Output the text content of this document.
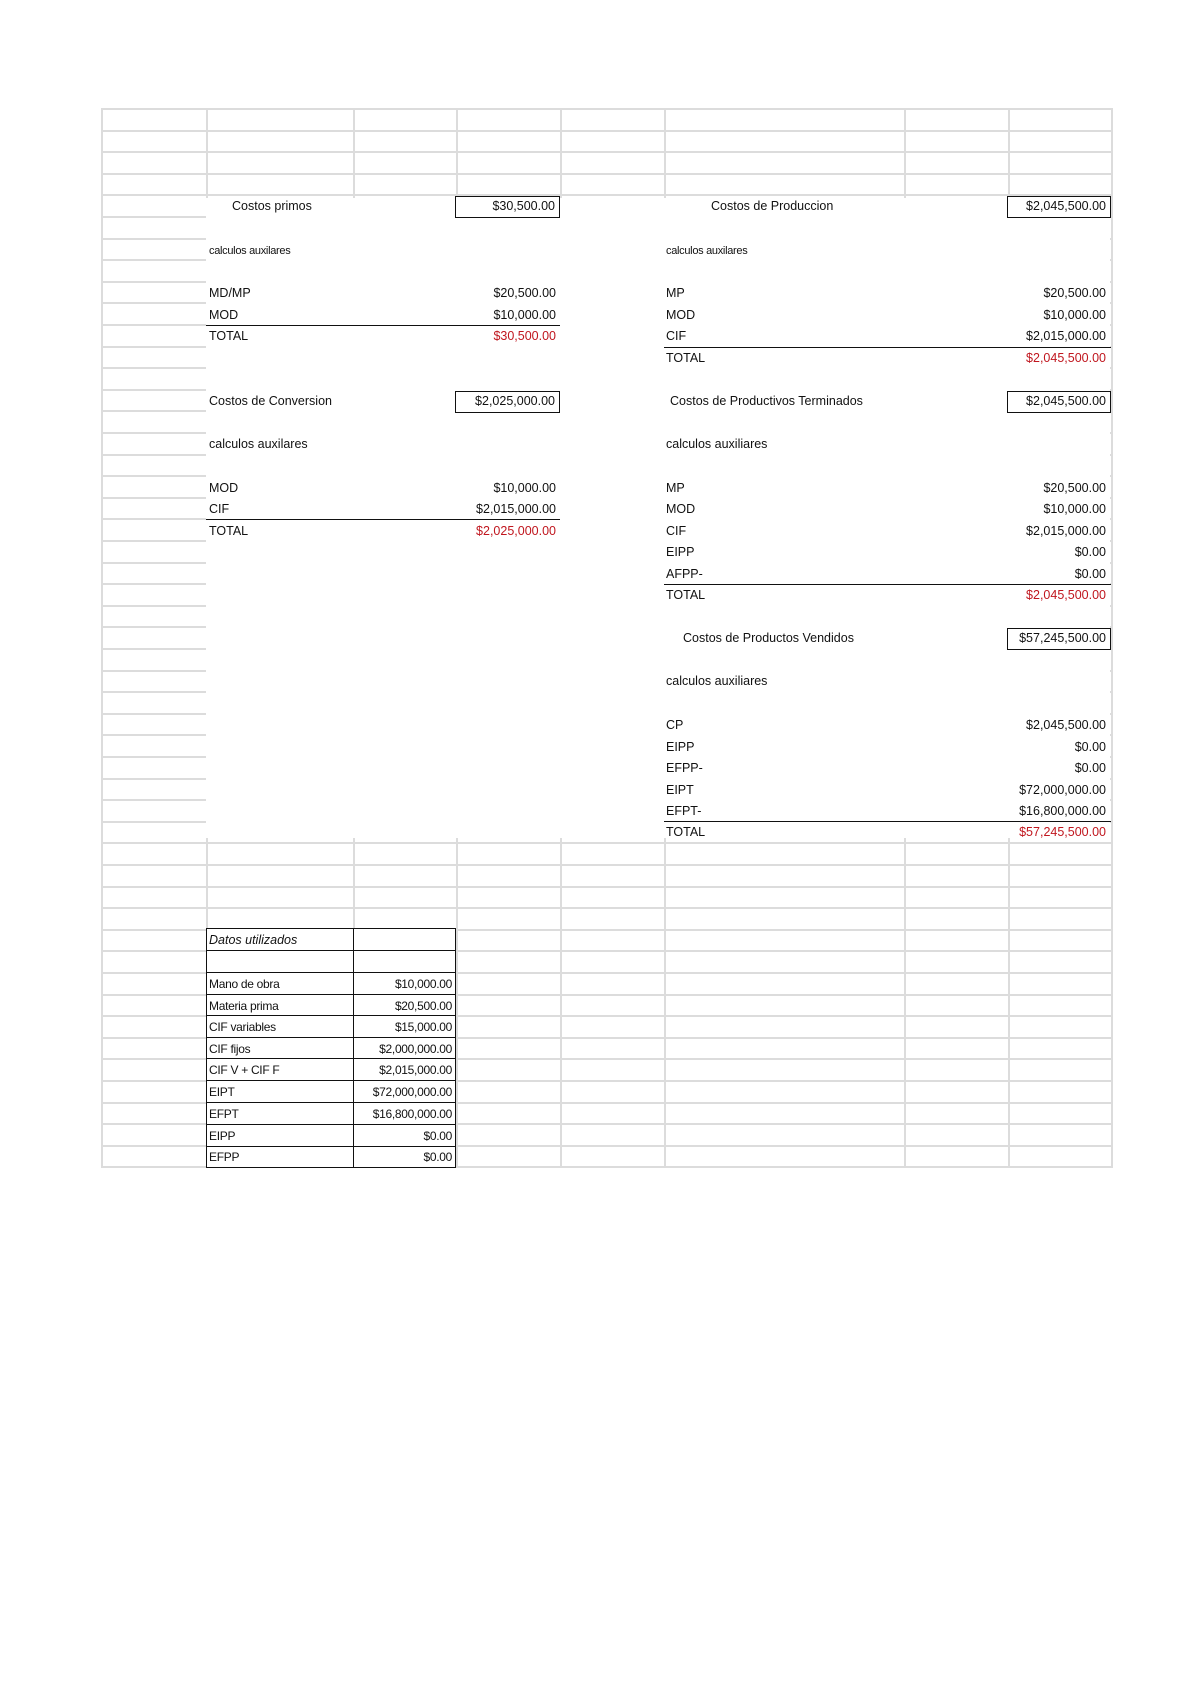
Costos primos	$30,500.00
calculos auxilares
MD/MP	$20,500.00
MOD	$10,000.00
TOTAL	$30,500.00
Costos de Produccion	$2,045,500.00
calculos auxilares
MP	$20,500.00
MOD	$10,000.00
CIF	$2,015,000.00
TOTAL	$2,045,500.00
Costos de Conversion	$2,025,000.00
calculos auxilares
MOD	$10,000.00
CIF	$2,015,000.00
TOTAL	$2,025,000.00
Costos de Productivos Terminados	$2,045,500.00
calculos auxiliares
MP	$20,500.00
MOD	$10,000.00
CIF	$2,015,000.00
EIPP	$0.00
AFPP-	$0.00
TOTAL	$2,045,500.00
Costos de Productos Vendidos	$57,245,500.00
calculos auxiliares
CP	$2,045,500.00
EIPP	$0.00
EFPP-	$0.00
EIPT	$72,000,000.00
EFPT-	$16,800,000.00
TOTAL	$57,245,500.00
Datos utilizados
Mano de obra	$10,000.00
Materia prima	$20,500.00
CIF variables	$15,000.00
CIF fijos	$2,000,000.00
CIF V + CIF F	$2,015,000.00
EIPT	$72,000,000.00
EFPT	$16,800,000.00
EIPP	$0.00
EFPP	$0.00
